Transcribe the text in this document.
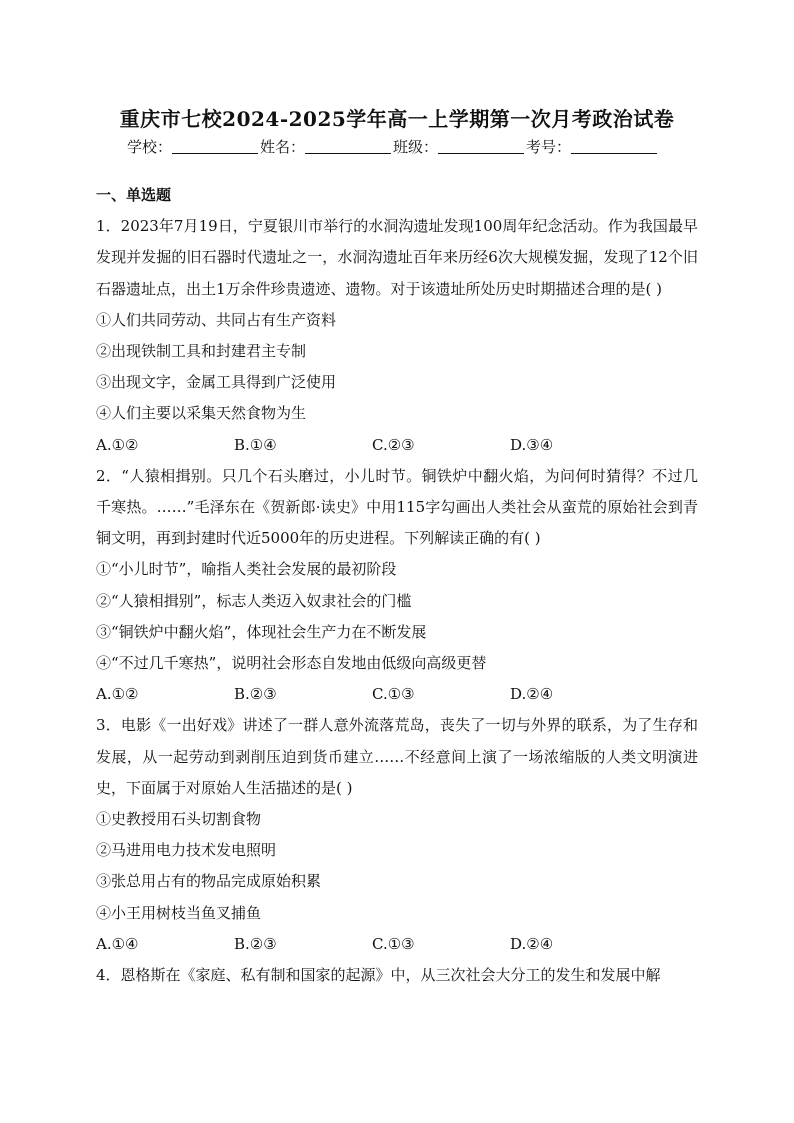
重庆市七校2024-2025学年高一上学期第一次月考政治试卷
学校：	姓名：	班级：	考号：
一、单选题
1．2023年7月19日，宁夏银川市举行的水洞沟遗址发现100周年纪念活动。作为我国最早发现并发掘的旧石器时代遗址之一，水洞沟遗址百年来历经6次大规模发掘，发现了12个旧石器遗址点，出土1万余件珍贵遗迹、遗物。对于该遗址所处历史时期描述合理的是( )
①人们共同劳动、共同占有生产资料
②出现铁制工具和封建君主专制
③出现文字，金属工具得到广泛使用
④人们主要以采集天然食物为生
A.①②	B.①④	C.②③	D.③④
2．“人猿相揖别。只几个石头磨过，小儿时节。铜铁炉中翻火焰，为问何时猜得？不过几千寒热。……”毛泽东在《贺新郎·读史》中用115字勾画出人类社会从蛮荒的原始社会到青铜文明，再到封建时代近5000年的历史进程。下列解读正确的有( )
①“小儿时节”，喻指人类社会发展的最初阶段
②“人猿相揖别”，标志人类迈入奴隶社会的门槛
③“铜铁炉中翻火焰”，体现社会生产力在不断发展
④“不过几千寒热”，说明社会形态自发地由低级向高级更替
A.①②	B.②③	C.①③	D.②④
3．电影《一出好戏》讲述了一群人意外流落荒岛，丧失了一切与外界的联系，为了生存和发展，从一起劳动到剥削压迫到货币建立……不经意间上演了一场浓缩版的人类文明演进史，下面属于对原始人生活描述的是( )
①史教授用石头切割食物
②马进用电力技术发电照明
③张总用占有的物品完成原始积累
④小王用树枝当鱼叉捕鱼
A.①④	B.②③	C.①③	D.②④
4．恩格斯在《家庭、私有制和国家的起源》中，从三次社会大分工的发生和发展中解
